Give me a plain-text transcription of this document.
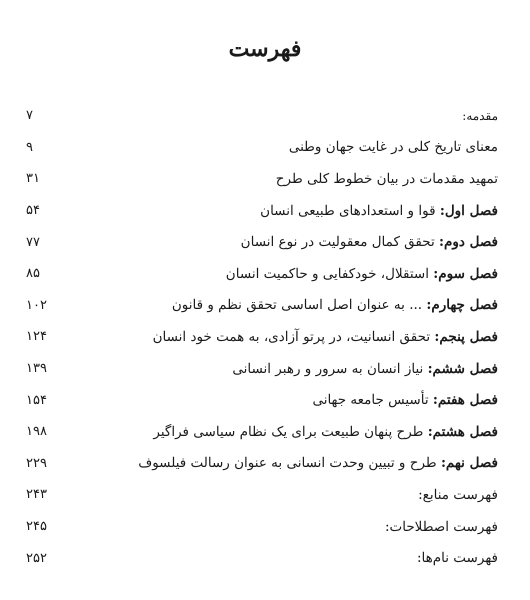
فهرست
مقدمه:
۷
معنای تاریخ کلی در غایت جهان وطنی
۹
تمهید مقدمات در بیان خطوط کلی طرح
۳۱
فصل اول: قوا و استعدادهای طبیعی انسان
۵۴
فصل دوم: تحقق کمال معقولیت در نوع انسان
۷۷
فصل سوم: استقلال، خودکفایی و حاکمیت انسان
۸۵
فصل چهارم: ... به عنوان اصل اساسی تحقق نظم و قانون
۱۰۲
فصل پنجم: تحقق انسانیت، در پرتو آزادی، به همت خود انسان
۱۲۴
فصل ششم: نیاز انسان به سرور و رهبر انسانی
۱۳۹
فصل هفتم: تأسیس جامعه جهانی
۱۵۴
فصل هشتم: طرح پنهان طبیعت برای یک نظام سیاسی فراگیر
۱۹۸
فصل نهم: طرح و تبیین وحدت انسانی به عنوان رسالت فیلسوف
۲۲۹
فهرست منابع:
۲۴۳
فهرست اصطلاحات:
۲۴۵
فهرست نام‌ها:
۲۵۲
